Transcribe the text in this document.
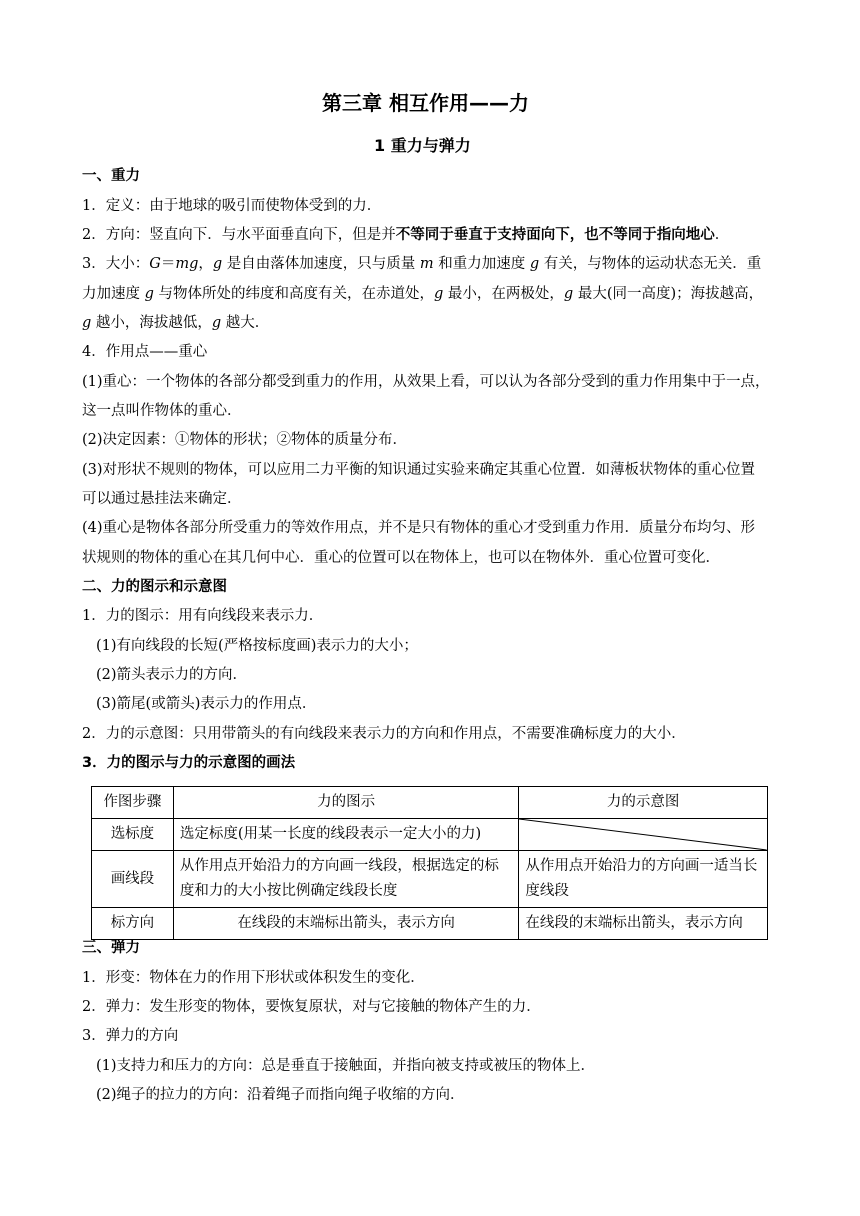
第三章 相互作用——力
1 重力与弹力
一、重力
1．定义：由于地球的吸引而使物体受到的力．
2．方向：竖直向下．与水平面垂直向下，但是并不等同于垂直于支持面向下，也不等同于指向地心．
3．大小：G＝mg，g 是自由落体加速度，只与质量 m 和重力加速度 g 有关，与物体的运动状态无关．重
力加速度 g 与物体所处的纬度和高度有关，在赤道处，g 最小，在两极处，g 最大(同一高度)；海拔越高，
g 越小，海拔越低，g 越大．
4．作用点——重心
(1)重心：一个物体的各部分都受到重力的作用，从效果上看，可以认为各部分受到的重力作用集中于一点，
这一点叫作物体的重心．
(2)决定因素：①物体的形状；②物体的质量分布．
(3)对形状不规则的物体，可以应用二力平衡的知识通过实验来确定其重心位置．如薄板状物体的重心位置
可以通过悬挂法来确定．
(4)重心是物体各部分所受重力的等效作用点，并不是只有物体的重心才受到重力作用．质量分布均匀、形
状规则的物体的重心在其几何中心．重心的位置可以在物体上，也可以在物体外．重心位置可变化．
二、力的图示和示意图
1．力的图示：用有向线段来表示力．
(1)有向线段的长短(严格按标度画)表示力的大小；
(2)箭头表示力的方向．
(3)箭尾(或箭头)表示力的作用点．
2．力的示意图：只用带箭头的有向线段来表示力的方向和作用点，不需要准确标度力的大小．
3．力的图示与力的示意图的画法
作图步骤	力的图示	力的示意图
选标度	选定标度(用某一长度的线段表示一定大小的力)	

画线段	从作用点开始沿力的方向画一线段，根据选定的标度和力的大小按比例确定线段长度	从作用点开始沿力的方向画一适当长度线段
标方向	在线段的末端标出箭头，表示方向	在线段的末端标出箭头，表示方向
三、弹力
1．形变：物体在力的作用下形状或体积发生的变化．
2．弹力：发生形变的物体，要恢复原状，对与它接触的物体产生的力．
3．弹力的方向
(1)支持力和压力的方向：总是垂直于接触面，并指向被支持或被压的物体上．
(2)绳子的拉力的方向：沿着绳子而指向绳子收缩的方向．
